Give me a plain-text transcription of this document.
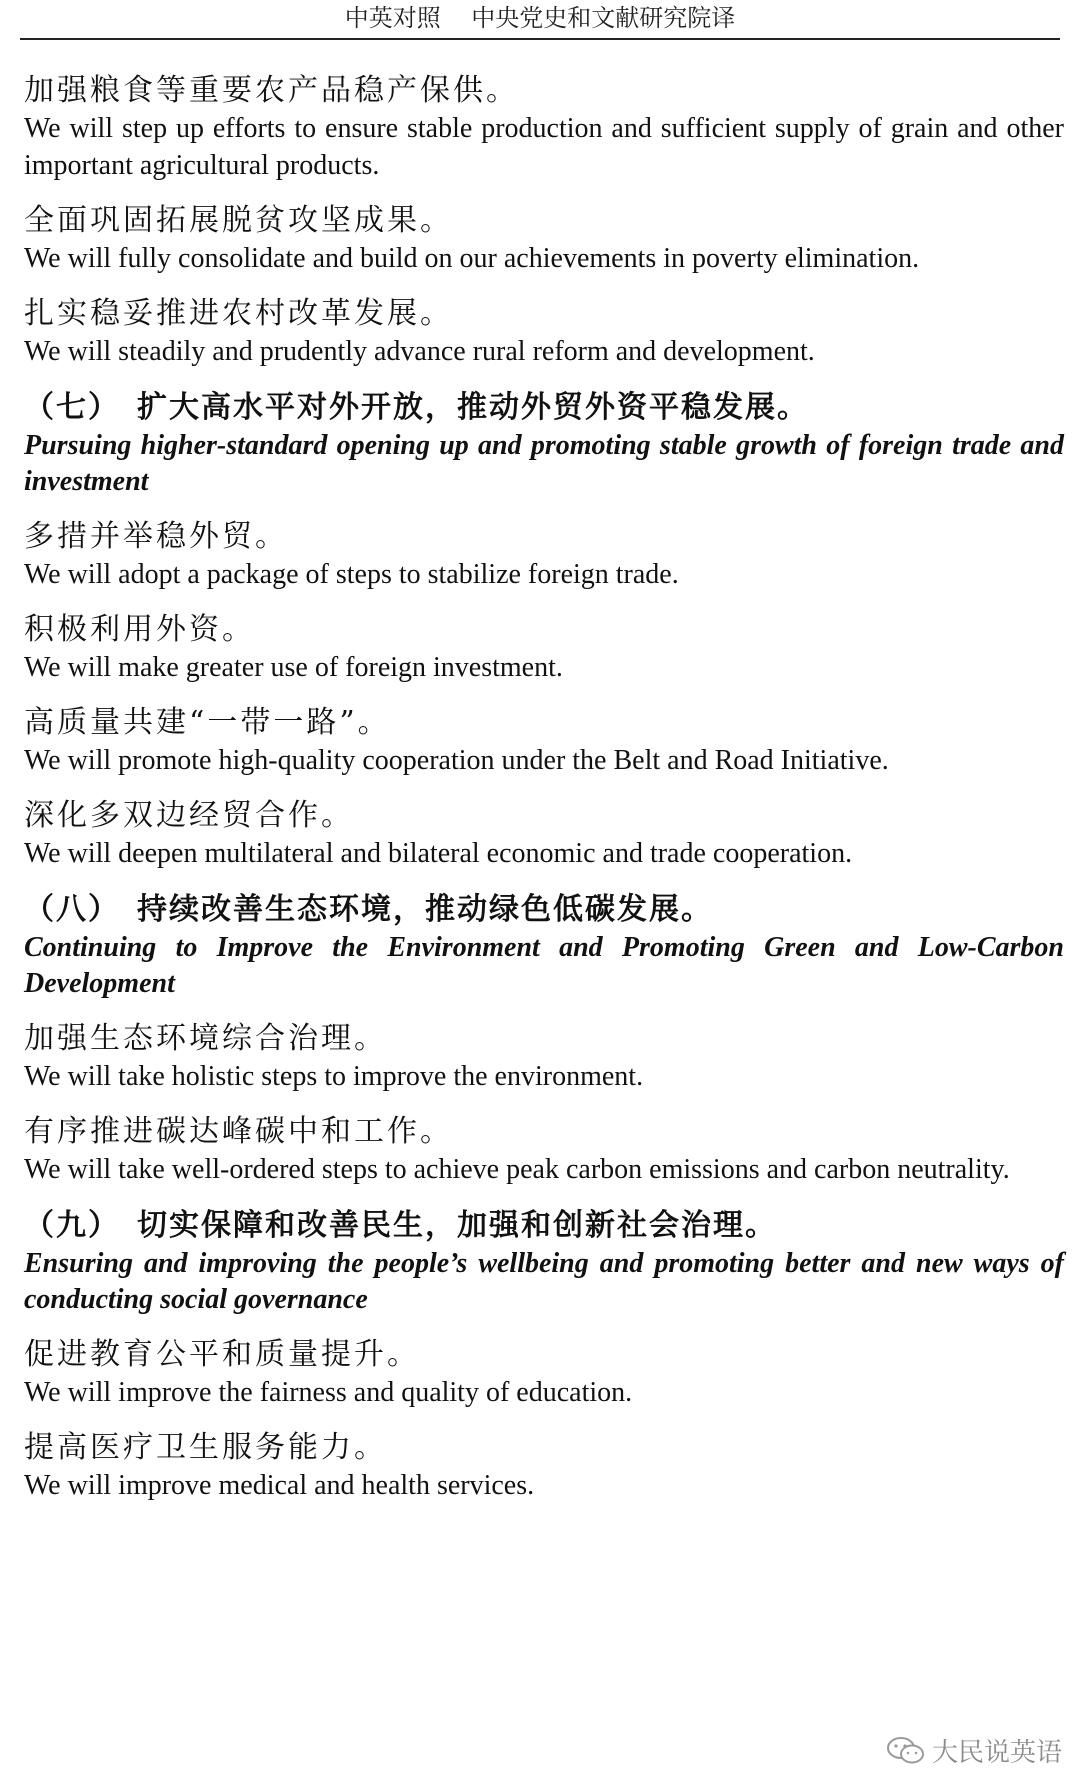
中英对照 中央党史和文献研究院译

加强粮食等重要农产品稳产保供。

We will step up efforts to ensure stable production and sufficient supply of grain and other important agricultural products.

全面巩固拓展脱贫攻坚成果。

We will fully consolidate and build on our achievements in poverty elimination.

扎实稳妥推进农村改革发展。

We will steadily and prudently advance rural reform and development.

（七）　扩大高水平对外开放，推动外贸外资平稳发展。

Pursuing higher-standard opening up and promoting stable growth of foreign trade and investment

多措并举稳外贸。

We will adopt a package of steps to stabilize foreign trade.

积极利用外资。

We will make greater use of foreign investment.

高质量共建“一带一路”。

We will promote high-quality cooperation under the Belt and Road Initiative.

深化多双边经贸合作。

We will deepen multilateral and bilateral economic and trade cooperation.

（八）　持续改善生态环境，推动绿色低碳发展。

Continuing to Improve the Environment and Promoting Green and Low-Carbon Development

加强生态环境综合治理。

We will take holistic steps to improve the environment.

有序推进碳达峰碳中和工作。

We will take well-ordered steps to achieve peak carbon emissions and carbon neutrality.

（九）　切实保障和改善民生，加强和创新社会治理。

Ensuring and improving the people’s wellbeing and promoting better and new ways of conducting social governance

促进教育公平和质量提升。

We will improve the fairness and quality of education.

提高医疗卫生服务能力。

We will improve medical and health services.

大民说英语
